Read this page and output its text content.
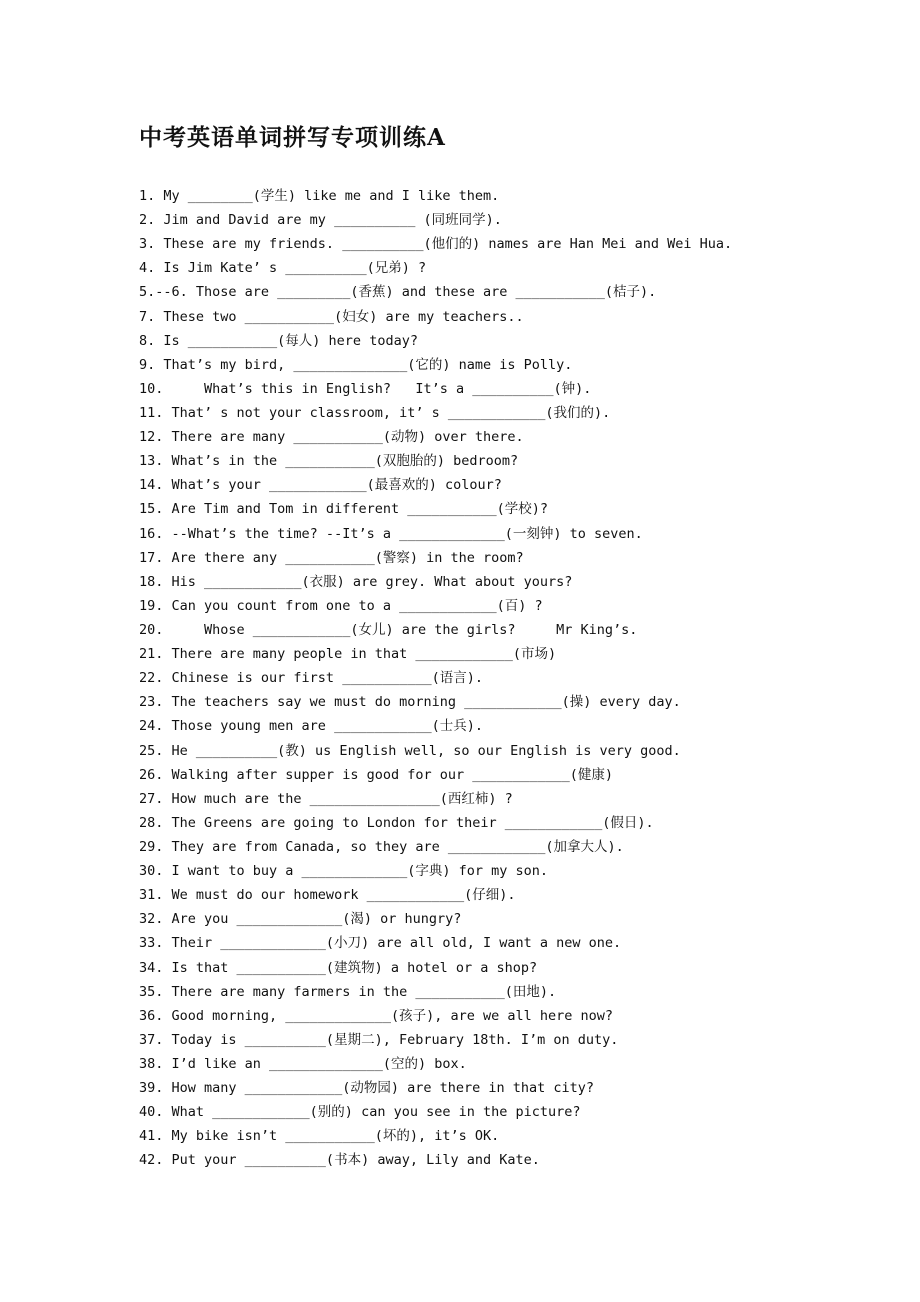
中考英语单词拼写专项训练A
1. My ________(学生) like me and I like them.
2. Jim and David are my __________ (同班同学).
3. These are my friends. __________(他们的) names are Han Mei and Wei Hua.
4. Is Jim Kate’ s __________(兄弟) ?
5.--6. Those are _________(香蕉) and these are ___________(桔子).
7. These two ___________(妇女) are my teachers..
8. Is ___________(每人) here today?
9. That’s my bird, ______________(它的) name is Polly.
10.     What’s this in English?   It’s a __________(钟).
11. That’ s not your classroom, it’ s ____________(我们的).
12. There are many ___________(动物) over there.
13. What’s in the ___________(双胞胎的) bedroom?
14. What’s your ____________(最喜欢的) colour?
15. Are Tim and Tom in different ___________(学校)?
16. --What’s the time? --It’s a _____________(一刻钟) to seven.
17. Are there any ___________(警察) in the room?
18. His ____________(衣服) are grey. What about yours?
19. Can you count from one to a ____________(百) ?
20.     Whose ____________(女儿) are the girls?     Mr King’s.
21. There are many people in that ____________(市场)
22. Chinese is our first ___________(语言).
23. The teachers say we must do morning ____________(操) every day.
24. Those young men are ____________(士兵).
25. He __________(教) us English well, so our English is very good.
26. Walking after supper is good for our ____________(健康)
27. How much are the ________________(西红柿) ?
28. The Greens are going to London for their ____________(假日).
29. They are from Canada, so they are ____________(加拿大人).
30. I want to buy a _____________(字典) for my son.
31. We must do our homework ____________(仔细).
32. Are you _____________(渴) or hungry?
33. Their _____________(小刀) are all old, I want a new one.
34. Is that ___________(建筑物) a hotel or a shop?
35. There are many farmers in the ___________(田地).
36. Good morning, _____________(孩子), are we all here now?
37. Today is __________(星期二), February 18th. I’m on duty.
38. I’d like an ______________(空的) box.
39. How many ____________(动物园) are there in that city?
40. What ____________(别的) can you see in the picture?
41. My bike isn’t ___________(坏的), it’s OK.
42. Put your __________(书本) away, Lily and Kate.
